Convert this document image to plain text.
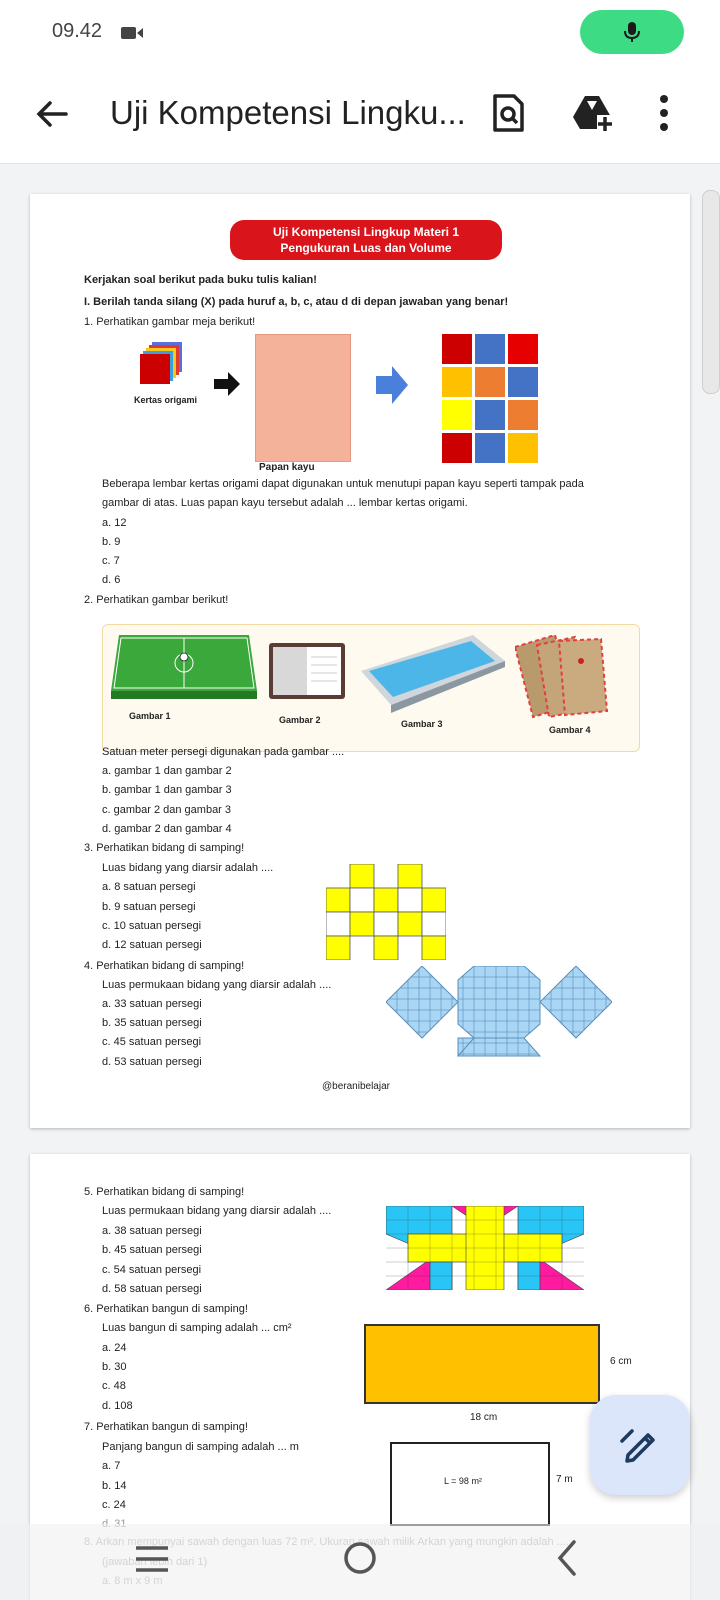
09.42
Uji Kompetensi Lingku...
Uji Kompetensi Lingkup Materi 1
Pengukuran Luas dan Volume
Kerjakan soal berikut pada buku tulis kalian!
I. Berilah tanda silang (X) pada huruf a, b, c, atau d di depan jawaban yang benar!
1. Perhatikan gambar meja berikut!
Kertas origami
Papan kayu
Beberapa lembar kertas origami dapat digunakan untuk menutupi papan kayu seperti tampak pada
gambar di atas. Luas papan kayu tersebut adalah ... lembar kertas origami.
a. 12
b. 9
c. 7
d. 6
2. Perhatikan gambar berikut!
Gambar 1	Gambar 2	Gambar 3
Gambar 4
Satuan meter persegi digunakan pada gambar ....
a. gambar 1 dan gambar 2
b. gambar 1 dan gambar 3
c. gambar 2 dan gambar 3
d. gambar 2 dan gambar 4
3. Perhatikan bidang di samping!
Luas bidang yang diarsir adalah ....
a. 8 satuan persegi
b. 9 satuan persegi
c. 10 satuan persegi
d. 12 satuan persegi
4. Perhatikan bidang di samping!
Luas permukaan bidang yang diarsir adalah ....
a. 33 satuan persegi
b. 35 satuan persegi
c. 45 satuan persegi
d. 53 satuan persegi
@beranibelajar
5. Perhatikan bidang di samping!
Luas permukaan bidang yang diarsir adalah ....
a. 38 satuan persegi
b. 45 satuan persegi
c. 54 satuan persegi
d. 58 satuan persegi
6. Perhatikan bangun di samping!
Luas bangun di samping adalah ... cm²
a. 24
b. 30
c. 48
d. 108
6 cm
18 cm
7. Perhatikan bangun di samping!
Panjang bangun di samping adalah ... m
a. 7
b. 14
c. 24
L = 98 m²	7 m
